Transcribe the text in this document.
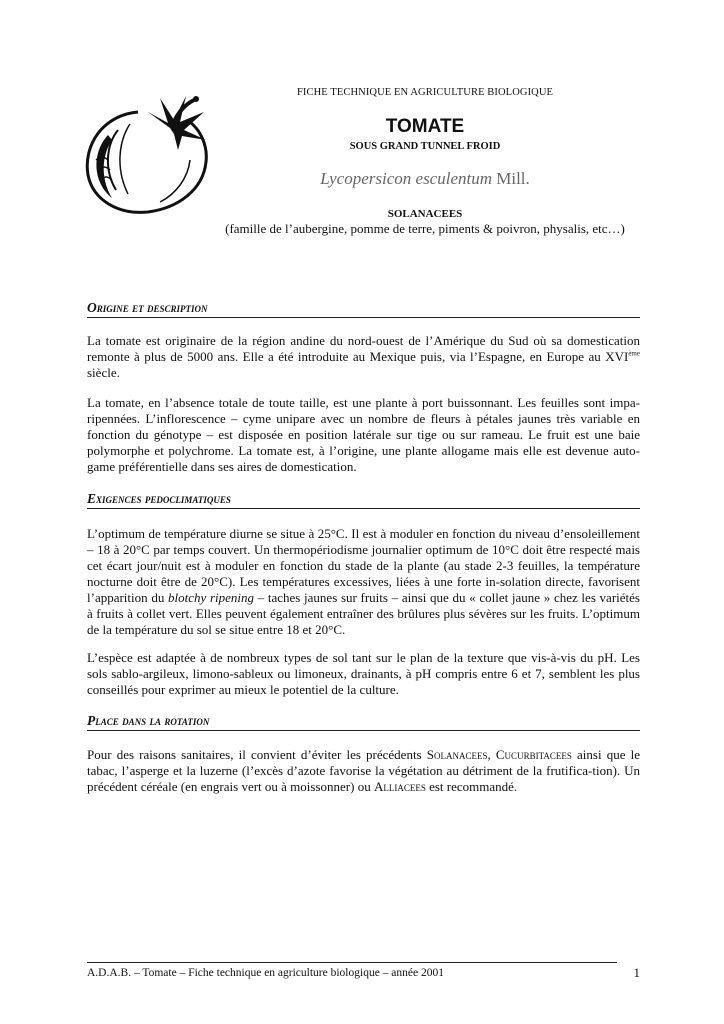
FICHE TECHNIQUE EN AGRICULTURE BIOLOGIQUE
TOMATE
SOUS GRAND TUNNEL FROID
Lycopersicon esculentum Mill.
SOLANACEES
(famille de l’aubergine, pomme de terre, piments & poivron, physalis, etc…)
Origine et description
La tomate est originaire de la région andine du nord-ouest de l’Amérique du Sud où sa domestication remonte à plus de 5000 ans. Elle a été introduite au Mexique puis, via l’Espagne, en Europe au XVIème siècle.
La tomate, en l’absence totale de toute taille, est une plante à port buissonnant. Les feuilles sont impa-ripennées. L’inflorescence – cyme unipare avec un nombre de fleurs à pétales jaunes très variable en fonction du génotype – est disposée en position latérale sur tige ou sur rameau. Le fruit est une baie polymorphe et polychrome. La tomate est, à l’origine, une plante allogame mais elle est devenue auto-game préférentielle dans ses aires de domestication.
Exigences pedoclimatiques
L’optimum de température diurne se situe à 25°C. Il est à moduler en fonction du niveau d’ensoleillement – 18 à 20°C par temps couvert. Un thermopériodisme journalier optimum de 10°C doit être respecté mais cet écart jour/nuit est à moduler en fonction du stade de la plante (au stade 2-3 feuilles, la température nocturne doit être de 20°C). Les températures excessives, liées à une forte in-solation directe, favorisent l’apparition du blotchy ripening – taches jaunes sur fruits – ainsi que du « collet jaune » chez les variétés à fruits à collet vert. Elles peuvent également entraîner des brûlures plus sévères sur les fruits. L’optimum de la température du sol se situe entre 18 et 20°C.
L’espèce est adaptée à de nombreux types de sol tant sur le plan de la texture que vis-à-vis du pH. Les sols sablo-argileux, limono-sableux ou limoneux, drainants, à pH compris entre 6 et 7, semblent les plus conseillés pour exprimer au mieux le potentiel de la culture.
Place dans la rotation
Pour des raisons sanitaires, il convient d’éviter les précédents Solanacees, Cucurbitacees ainsi que le tabac, l’asperge et la luzerne (l’excès d’azote favorise la végétation au détriment de la frutifica-tion). Un précédent céréale (en engrais vert ou à moissonner) ou Alliacees est recommandé.
A.D.A.B. – Tomate – Fiche technique en agriculture biologique – année 2001	1
